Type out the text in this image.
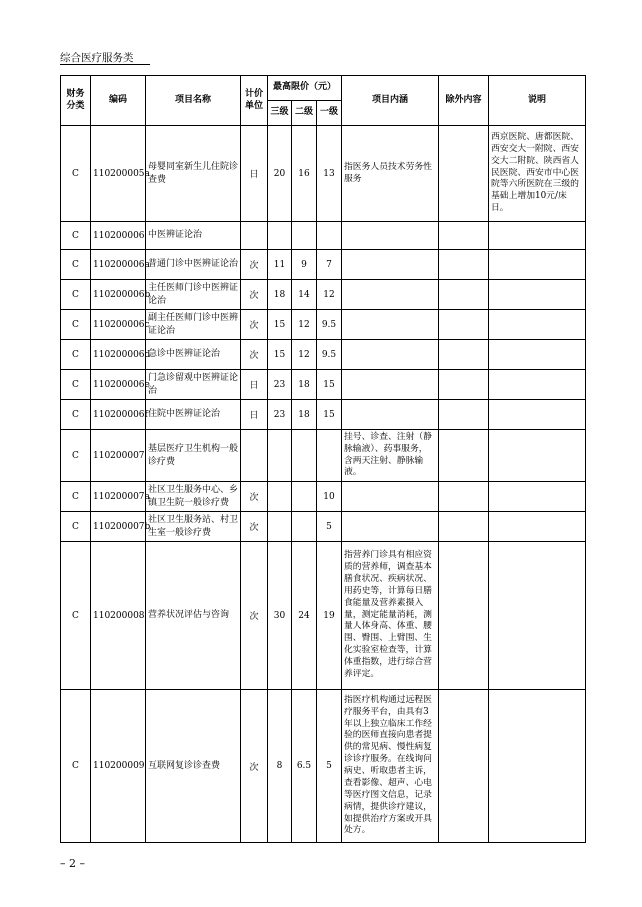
综合医疗服务类
财务分类	编码	项目名称	计价单位	最高限价（元）			项目内涵	除外内容	说明
				三级	二级	一级			
C	110200005a	母婴同室新生儿住院诊查费	日	20	16	13	指医务人员技术劳务性服务		西京医院、唐都医院、西安交大一附院、西安交大二附院、陕西省人民医院、西安市中心医院等六所医院在三级的基础上增加10元/床日。
C	110200006	中医辨证论治							
C	110200006a	普通门诊中医辨证论治	次	11	9	7			
C	110200006b	主任医师门诊中医辨证论治	次	18	14	12			
C	110200006c	副主任医师门诊中医辨证论治	次	15	12	9.5			
C	110200006d	急诊中医辨证论治	次	15	12	9.5			
C	110200006e	门急诊留观中医辨证论治	日	23	18	15			
C	110200006f	住院中医辨证论治	日	23	18	15			
C	110200007	基层医疗卫生机构一般诊疗费					挂号、诊查、注射（静脉输液）、药事服务，含两天注射、静脉输液。		
C	110200007a	社区卫生服务中心、乡镇卫生院一般诊疗费	次			10			
C	110200007b	社区卫生服务站、村卫生室一般诊疗费	次			5			
C	110200008	营养状况评估与咨询	次	30	24	19	指营养门诊具有相应资质的营养师，调查基本膳食状况、疾病状况、用药史等，计算每日膳食能量及营养素摄入量，测定能量消耗，测量人体身高、体重、腰围、臀围、上臂围、生化实验室检查等，计算体重指数，进行综合营养评定。		
C	110200009	互联网复诊诊查费	次	8	6.5	5	指医疗机构通过远程医疗服务平台，由具有3年以上独立临床工作经验的医师直接向患者提供的常见病、慢性病复诊诊疗服务。在线询问病史、听取患者主诉，查看影像、超声、心电等医疗图文信息，记录病情，提供诊疗建议，如提供治疗方案或开具处方。		
– 2 –
